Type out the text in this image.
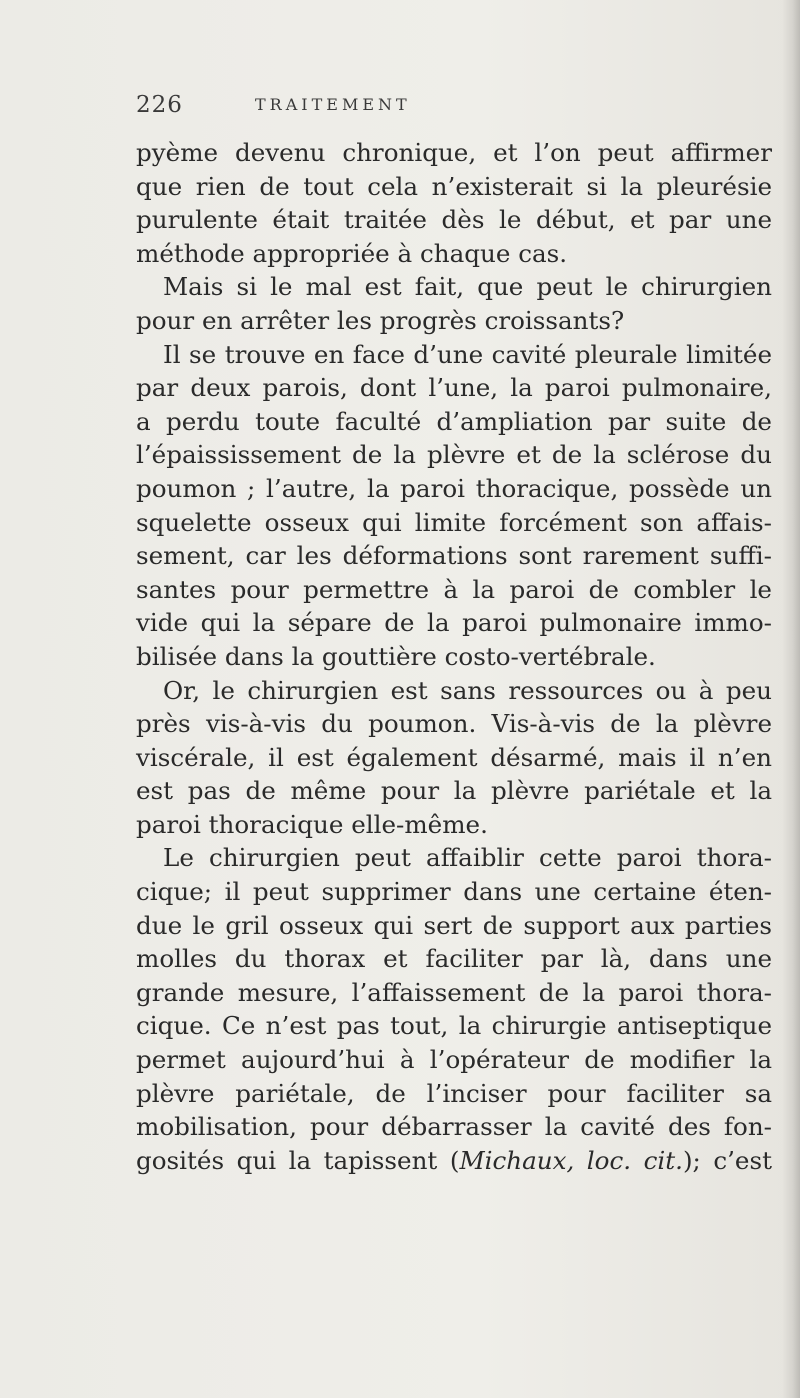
226	TRAITEMENT
pyème devenu chronique, et l’on peut affirmer
que rien de tout cela n’existerait si la pleurésie
purulente était traitée dès le début, et par une
méthode appropriée à chaque cas.
Mais si le mal est fait, que peut le chirurgien
pour en arrêter les progrès croissants?
Il se trouve en face d’une cavité pleurale limitée
par deux parois, dont l’une, la paroi pulmonaire,
a perdu toute faculté d’ampliation par suite de
l’épaississement de la plèvre et de la sclérose du
poumon ; l’autre, la paroi thoracique, possède un
squelette osseux qui limite forcément son affais-
sement, car les déformations sont rarement suffi-
santes pour permettre à la paroi de combler le
vide qui la sépare de la paroi pulmonaire immo-
bilisée dans la gouttière costo-vertébrale.
Or, le chirurgien est sans ressources ou à peu
près vis-à-vis du poumon. Vis-à-vis de la plèvre
viscérale, il est également désarmé, mais il n’en
est pas de même pour la plèvre pariétale et la
paroi thoracique elle-même.
Le chirurgien peut affaiblir cette paroi thora-
cique; il peut supprimer dans une certaine éten-
due le gril osseux qui sert de support aux parties
molles du thorax et faciliter par là, dans une
grande mesure, l’affaissement de la paroi thora-
cique. Ce n’est pas tout, la chirurgie antiseptique
permet aujourd’hui à l’opérateur de modifier la
plèvre pariétale, de l’inciser pour faciliter sa
mobilisation, pour débarrasser la cavité des fon-
gosités qui la tapissent (Michaux, loc. cit.); c’est
